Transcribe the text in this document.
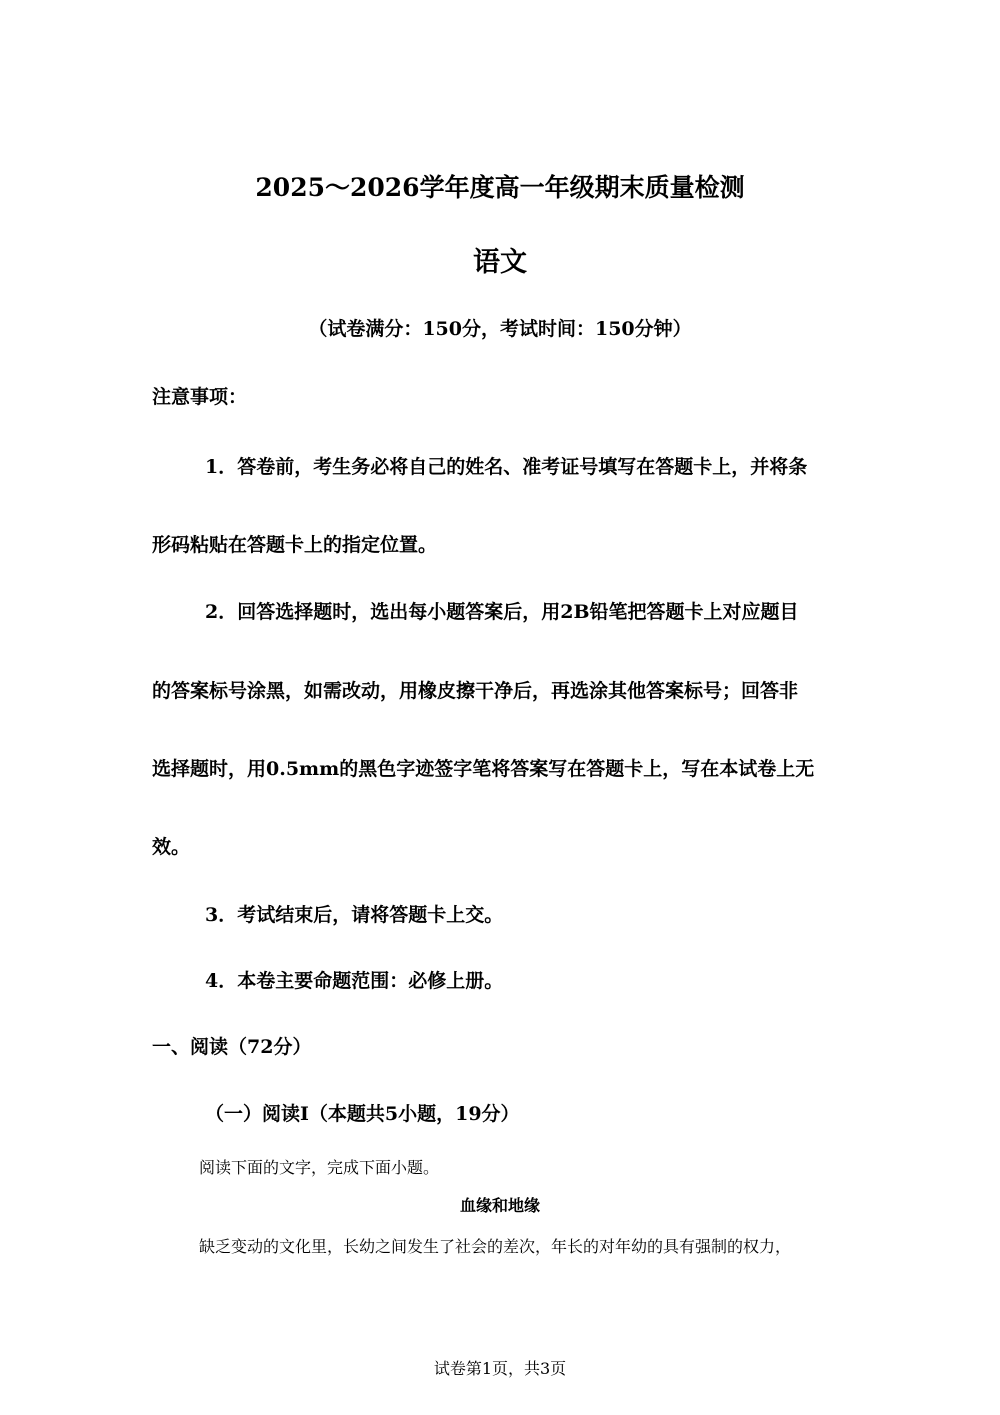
2025～2026学年度高一年级期末质量检测
语文
（试卷满分：150分，考试时间：150分钟）
注意事项：
1．答卷前，考生务必将自己的姓名、准考证号填写在答题卡上，并将条
形码粘贴在答题卡上的指定位置。
2．回答选择题时，选出每小题答案后，用2B铅笔把答题卡上对应题目
的答案标号涂黑，如需改动，用橡皮擦干净后，再选涂其他答案标号；回答非
选择题时，用0.5mm的黑色字迹签字笔将答案写在答题卡上，写在本试卷上无
效。
3．考试结束后，请将答题卡上交。
4．本卷主要命题范围：必修上册。
一、阅读（72分）
（一）阅读Ⅰ（本题共5小题，19分）
阅读下面的文字，完成下面小题。
血缘和地缘
缺乏变动的文化里，长幼之间发生了社会的差次，年长的对年幼的具有强制的权力，
试卷第1页，共3页
